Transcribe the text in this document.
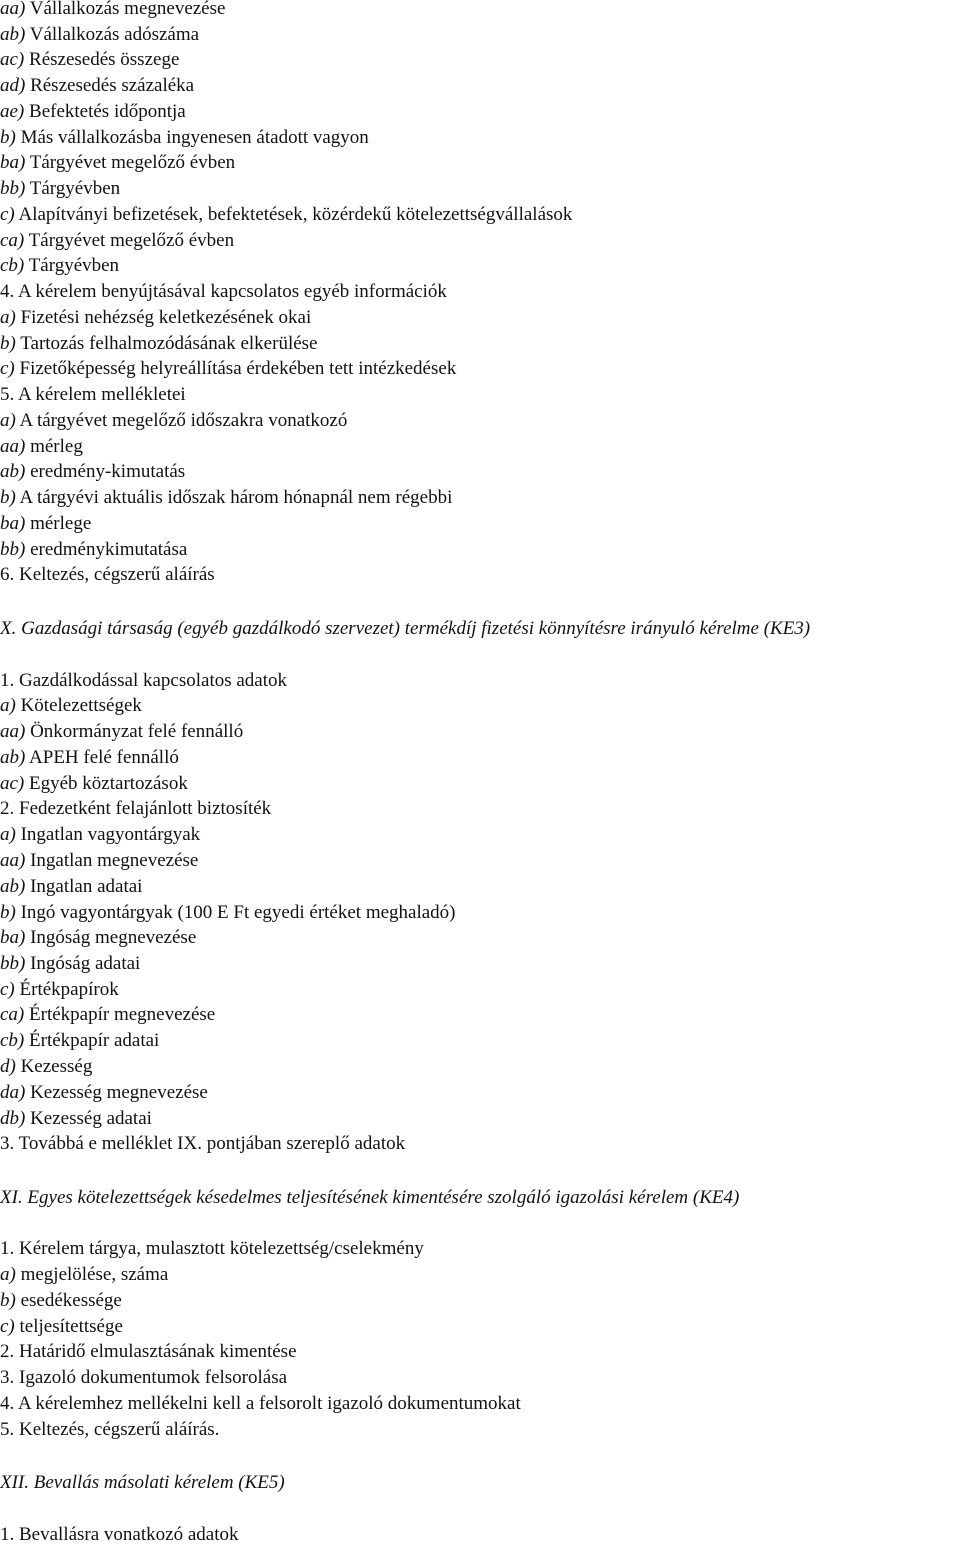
aa) Vállalkozás megnevezése
ab) Vállalkozás adószáma
ac) Részesedés összege
ad) Részesedés százaléka
ae) Befektetés időpontja
b) Más vállalkozásba ingyenesen átadott vagyon
ba) Tárgyévet megelőző évben
bb) Tárgyévben
c) Alapítványi befizetések, befektetések, közérdekű kötelezettségvállalások
ca) Tárgyévet megelőző évben
cb) Tárgyévben
4. A kérelem benyújtásával kapcsolatos egyéb információk
a) Fizetési nehézség keletkezésének okai
b) Tartozás felhalmozódásának elkerülése
c) Fizetőképesség helyreállítása érdekében tett intézkedések
5. A kérelem mellékletei
a) A tárgyévet megelőző időszakra vonatkozó
aa) mérleg
ab) eredmény-kimutatás
b) A tárgyévi aktuális időszak három hónapnál nem régebbi
ba) mérlege
bb) eredménykimutatása
6. Keltezés, cégszerű aláírás
X. Gazdasági társaság (egyéb gazdálkodó szervezet) termékdíj fizetési könnyítésre irányuló kérelme (KE3)
1. Gazdálkodással kapcsolatos adatok
a) Kötelezettségek
aa) Önkormányzat felé fennálló
ab) APEH felé fennálló
ac) Egyéb köztartozások
2. Fedezetként felajánlott biztosíték
a) Ingatlan vagyontárgyak
aa) Ingatlan megnevezése
ab) Ingatlan adatai
b) Ingó vagyontárgyak (100 E Ft egyedi értéket meghaladó)
ba) Ingóság megnevezése
bb) Ingóság adatai
c) Értékpapírok
ca) Értékpapír megnevezése
cb) Értékpapír adatai
d) Kezesség
da) Kezesség megnevezése
db) Kezesség adatai
3. Továbbá e melléklet IX. pontjában szereplő adatok
XI. Egyes kötelezettségek késedelmes teljesítésének kimentésére szolgáló igazolási kérelem (KE4)
1. Kérelem tárgya, mulasztott kötelezettség/cselekmény
a) megjelölése, száma
b) esedékessége
c) teljesítettsége
2. Határidő elmulasztásának kimentése
3. Igazoló dokumentumok felsorolása
4. A kérelemhez mellékelni kell a felsorolt igazoló dokumentumokat
5. Keltezés, cégszerű aláírás.
XII. Bevallás másolati kérelem (KE5)
1. Bevallásra vonatkozó adatok
